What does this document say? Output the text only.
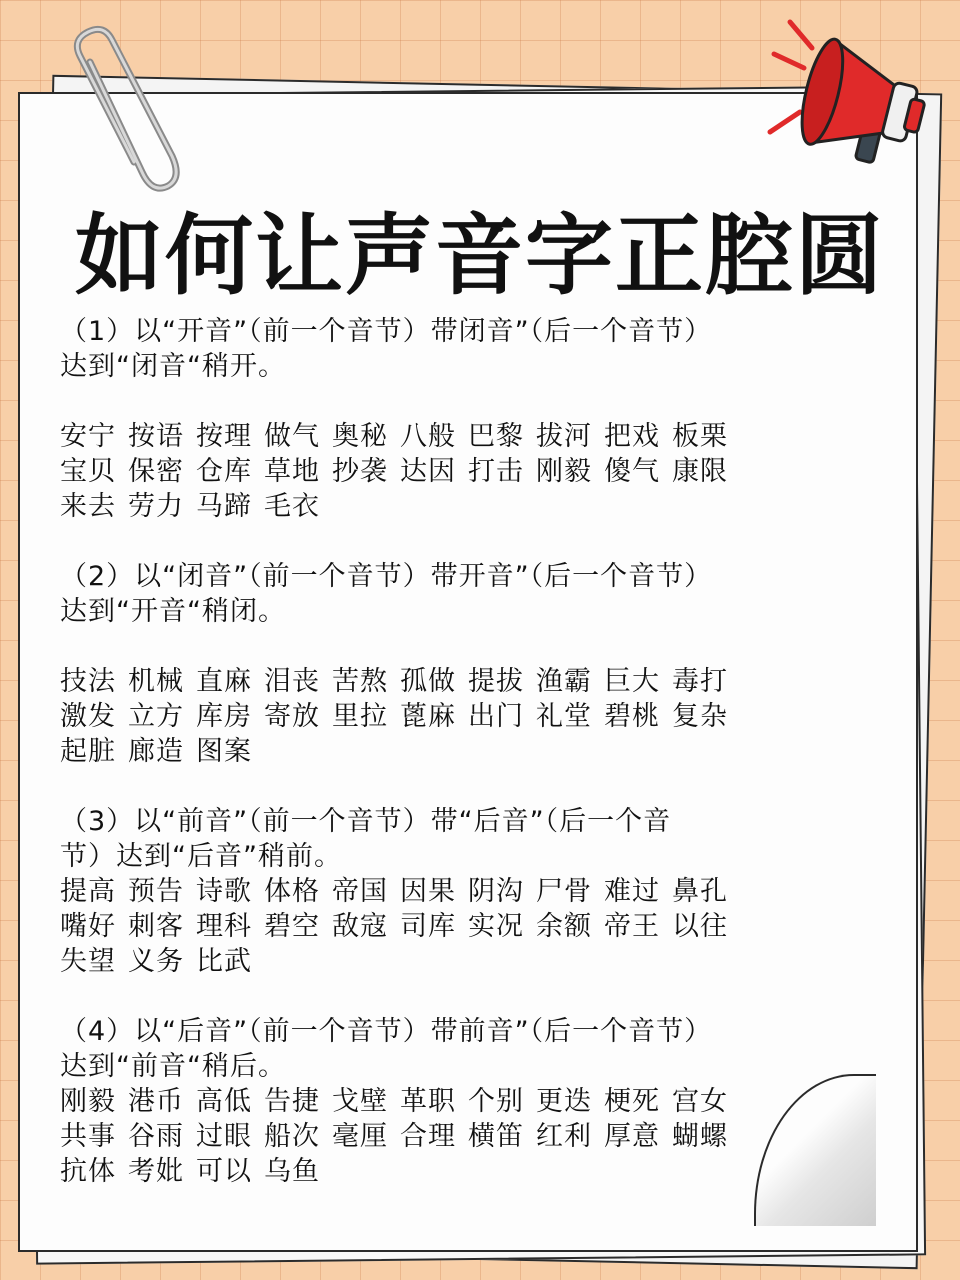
如何让声音字正腔圆

（1）以“开音”（前一个音节）带闭音”（后一个音节）

达到“闭音“稍开。

安宁 按语 按理 做气 奥秘 八般 巴黎 拔河 把戏 板栗
宝贝 保密 仓库 草地 抄袭 达因 打击 刚毅 傻气 康限
来去 劳力 马蹄 毛衣

（2）以“闭音”（前一个音节）带开音”（后一个音节）

达到“开音“稍闭。

技法 机械 直麻 泪丧 苦熬 孤做 提拔 渔霸 巨大 毒打
激发 立方 库房 寄放 里拉 蓖麻 出门 礼堂 碧桃 复杂
起脏 廊造 图案

（3）以“前音”（前一个音节）带“后音”（后一个音

节）达到“后音”稍前。

提高 预告 诗歌 体格 帝国 因果 阴沟 尸骨 难过 鼻孔
嘴好 刺客 理科 碧空 敌寇 司库 实况 余额 帝王 以往
失望 义务 比武

（4）以“后音”（前一个音节）带前音”（后一个音节）

达到“前音“稍后。

刚毅 港币 高低 告捷 戈壁 革职 个别 更迭 梗死 宫女
共事 谷雨 过眼 船次 毫厘 合理 横笛 红利 厚意 蝴螺
抗体 考妣 可以 乌鱼
